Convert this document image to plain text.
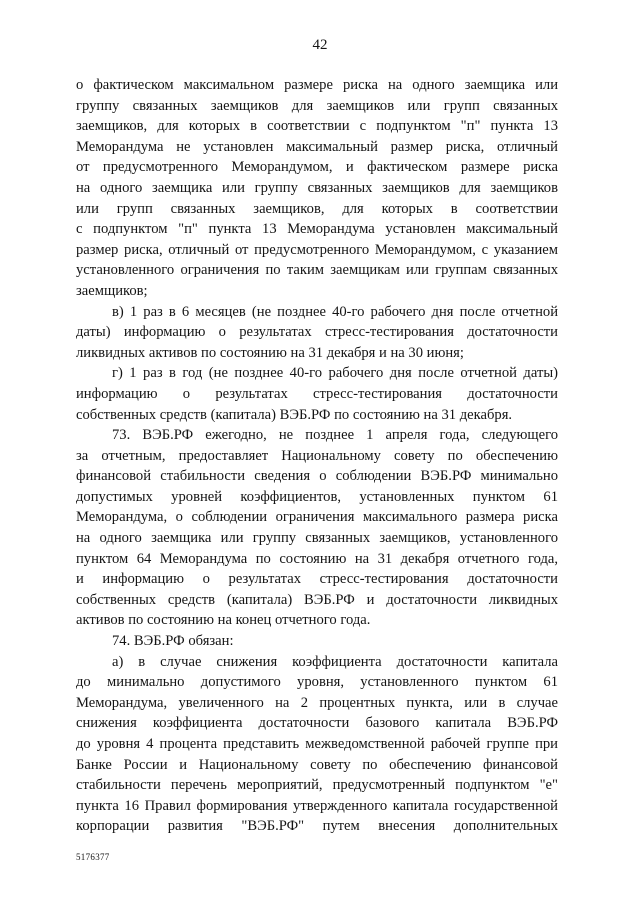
42

о фактическом максимальном размере риска на одного заемщика или
группу связанных заемщиков для заемщиков или групп связанных
заемщиков, для которых в соответствии с подпунктом "п" пункта 13
Меморандума не установлен максимальный размер риска, отличный
от предусмотренного Меморандумом, и фактическом размере риска
на одного заемщика или группу связанных заемщиков для заемщиков
или групп связанных заемщиков, для которых в соответствии
с подпунктом "п" пункта 13 Меморандума установлен максимальный
размер риска, отличный от предусмотренного Меморандумом, с указанием
установленного ограничения по таким заемщикам или группам связанных
заемщиков;

в) 1 раз в 6 месяцев (не позднее 40-го рабочего дня после отчетной
даты) информацию о результатах стресс-тестирования достаточности
ликвидных активов по состоянию на 31 декабря и на 30 июня;

г) 1 раз в год (не позднее 40-го рабочего дня после отчетной даты)
информацию о результатах стресс-тестирования достаточности
собственных средств (капитала) ВЭБ.РФ по состоянию на 31 декабря.

73. ВЭБ.РФ ежегодно, не позднее 1 апреля года, следующего
за отчетным, предоставляет Национальному совету по обеспечению
финансовой стабильности сведения о соблюдении ВЭБ.РФ минимально
допустимых уровней коэффициентов, установленных пунктом 61
Меморандума, о соблюдении ограничения максимального размера риска
на одного заемщика или группу связанных заемщиков, установленного
пунктом 64 Меморандума по состоянию на 31 декабря отчетного года,
и информацию о результатах стресс-тестирования достаточности
собственных средств (капитала) ВЭБ.РФ и достаточности ликвидных
активов по состоянию на конец отчетного года.

74. ВЭБ.РФ обязан:

а) в случае снижения коэффициента достаточности капитала
до минимально допустимого уровня, установленного пунктом 61
Меморандума, увеличенного на 2 процентных пункта, или в случае
снижения коэффициента достаточности базового капитала ВЭБ.РФ
до уровня 4 процента представить межведомственной рабочей группе при
Банке России и Национальному совету по обеспечению финансовой
стабильности перечень мероприятий, предусмотренный подпунктом "е"
пункта 16 Правил формирования утвержденного капитала государственной
корпорации развития "ВЭБ.РФ" путем внесения дополнительных

5176377
